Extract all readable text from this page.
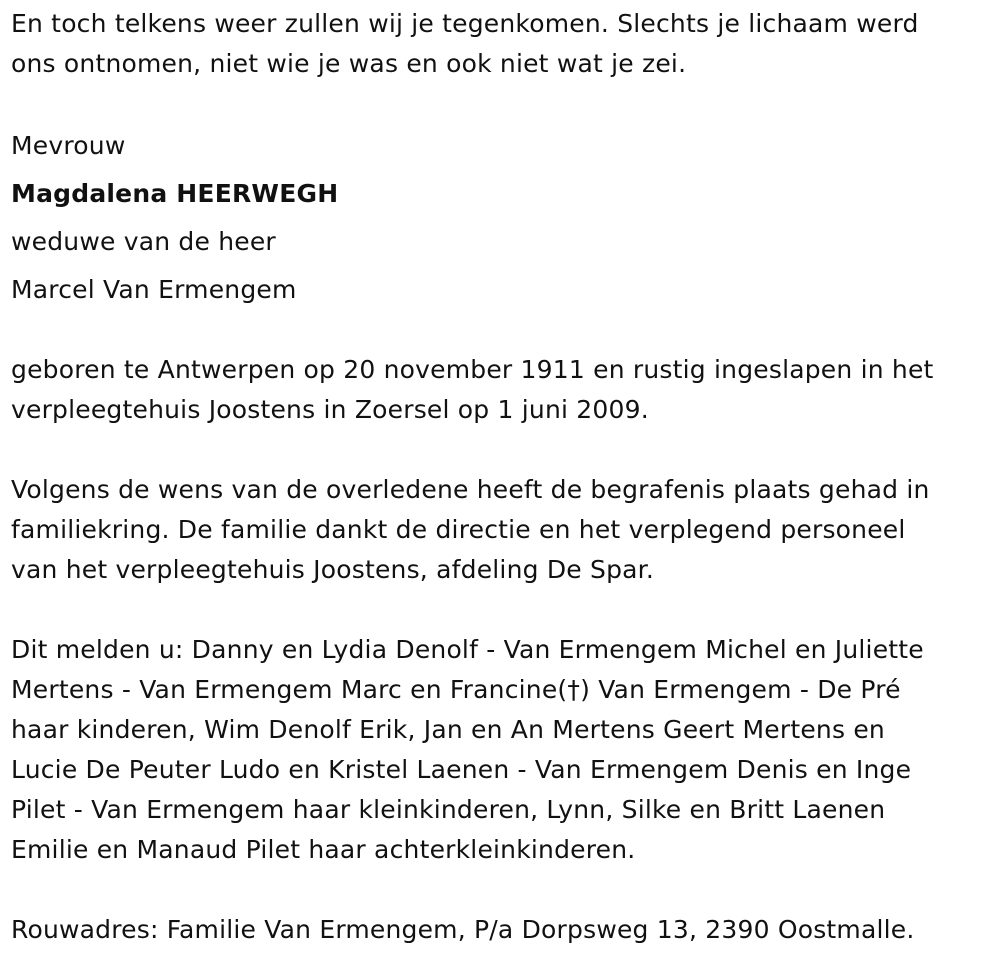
En toch telkens weer zullen wij je tegenkomen. Slechts je lichaam werd
ons ontnomen, niet wie je was en ook niet wat je zei.

Mevrouw
Magdalena HEERWEGH
weduwe van de heer
Marcel Van Ermengem

geboren te Antwerpen op 20 november 1911 en rustig ingeslapen in het
verpleegtehuis Joostens in Zoersel op 1 juni 2009.

Volgens de wens van de overledene heeft de begrafenis plaats gehad in
familiekring. De familie dankt de directie en het verplegend personeel
van het verpleegtehuis Joostens, afdeling De Spar.

Dit melden u: Danny en Lydia Denolf - Van Ermengem Michel en Juliette
Mertens - Van Ermengem Marc en Francine(†) Van Ermengem - De Pré
haar kinderen, Wim Denolf Erik, Jan en An Mertens Geert Mertens en
Lucie De Peuter Ludo en Kristel Laenen - Van Ermengem Denis en Inge
Pilet - Van Ermengem haar kleinkinderen, Lynn, Silke en Britt Laenen
Emilie en Manaud Pilet haar achterkleinkinderen.

Rouwadres: Familie Van Ermengem, P/a Dorpsweg 13, 2390 Oostmalle.
